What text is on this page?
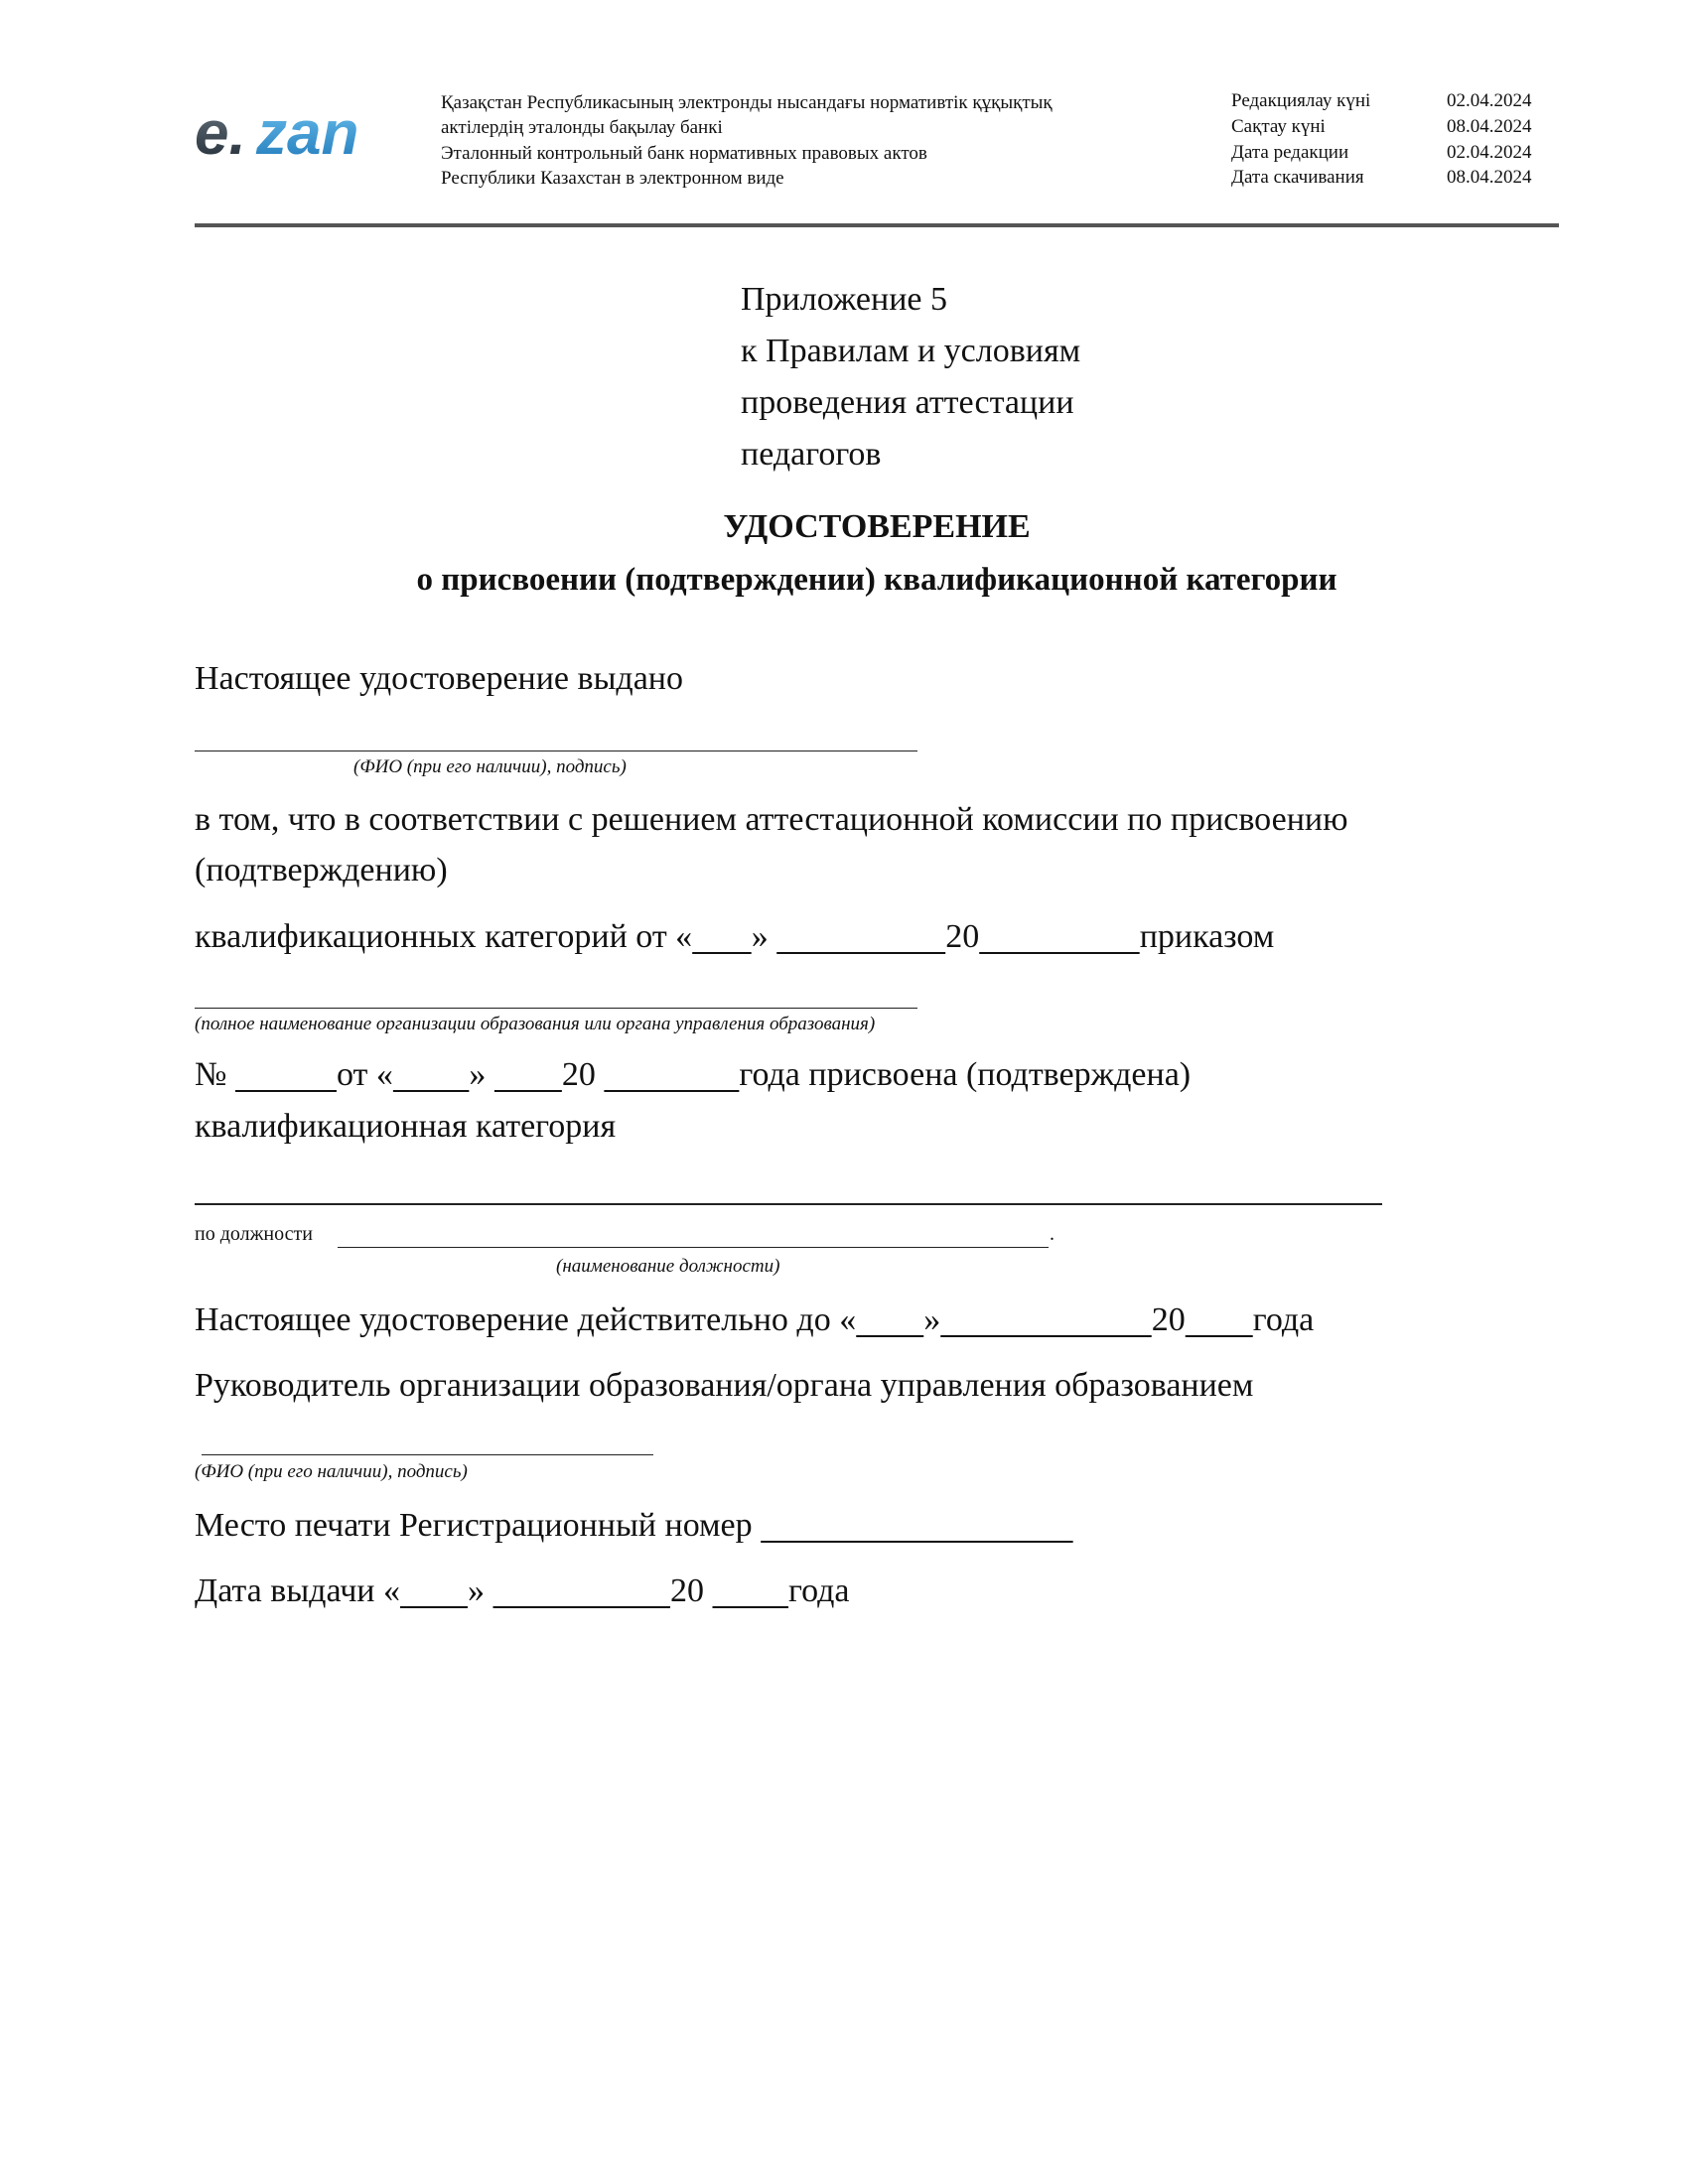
e. zan	Қазақстан Республикасының электронды нысандағы нормативтік құқықтық
актілердің эталонды бақылау банкі
Эталонный контрольный банк нормативных правовых актов
Республики Казахстан в электронном виде
Редакциялау күні	02.04.2024
Сақтау күні	08.04.2024
Дата редакции	02.04.2024
Дата скачивания	08.04.2024
Приложение 5
к Правилам и условиям
проведения аттестации
педагогов
УДОСТОВЕРЕНИЕ
о присвоении (подтверждении) квалификационной категории
Настоящее удостоверение выдано
(ФИО (при его наличии), подпись)
в том, что в соответствии с решением аттестационной комиссии по присвоению
(подтверждению)
квалификационных категорий от « »	20	приказом
(полное наименование организации образования или органа управления образования)
№	от « »         20	года присвоена (подтверждена)
квалификационная категория
по должности	.
(наименование должности)
Настоящее удостоверение действительно до « »	20 года
Руководитель организации образования/органа управления образованием
(ФИО (при его наличии), подпись)
Место печати Регистрационный номер
Дата выдачи « »	20          года
